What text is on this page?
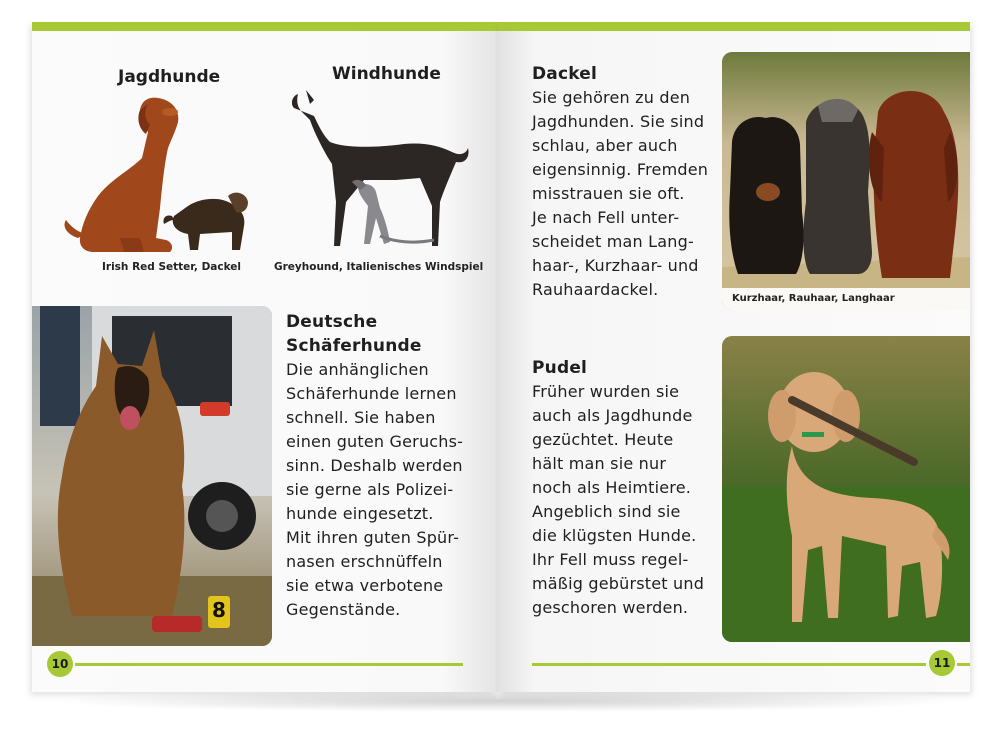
Jagdhunde	Windhunde
Irish Red Setter, Dackel	Greyhound, Italienisches Windspiel
8
Deutsche
Schäferhunde
Die anhänglichen
Schäferhunde lernen
schnell. Sie haben
einen guten Geruchs-
sinn. Deshalb werden
sie gerne als Polizei-
hunde eingesetzt.
Mit ihren guten Spür-
nasen erschnüffeln
sie etwa verbotene
Gegenstände.
10
Dackel
Sie gehören zu den
Jagdhunden. Sie sind
schlau, aber auch
eigensinnig. Fremden
misstrauen sie oft.
Je nach Fell unter-
scheidet man Lang-
haar-, Kurzhaar- und
Rauhaardackel.	Kurzhaar, Rauhaar, Langhaar
Pudel
Früher wurden sie
auch als Jagdhunde
gezüchtet. Heute
hält man sie nur
noch als Heimtiere.
Angeblich sind sie
die klügsten Hunde.
Ihr Fell muss regel-
mäßig gebürstet und
geschoren werden.
11
